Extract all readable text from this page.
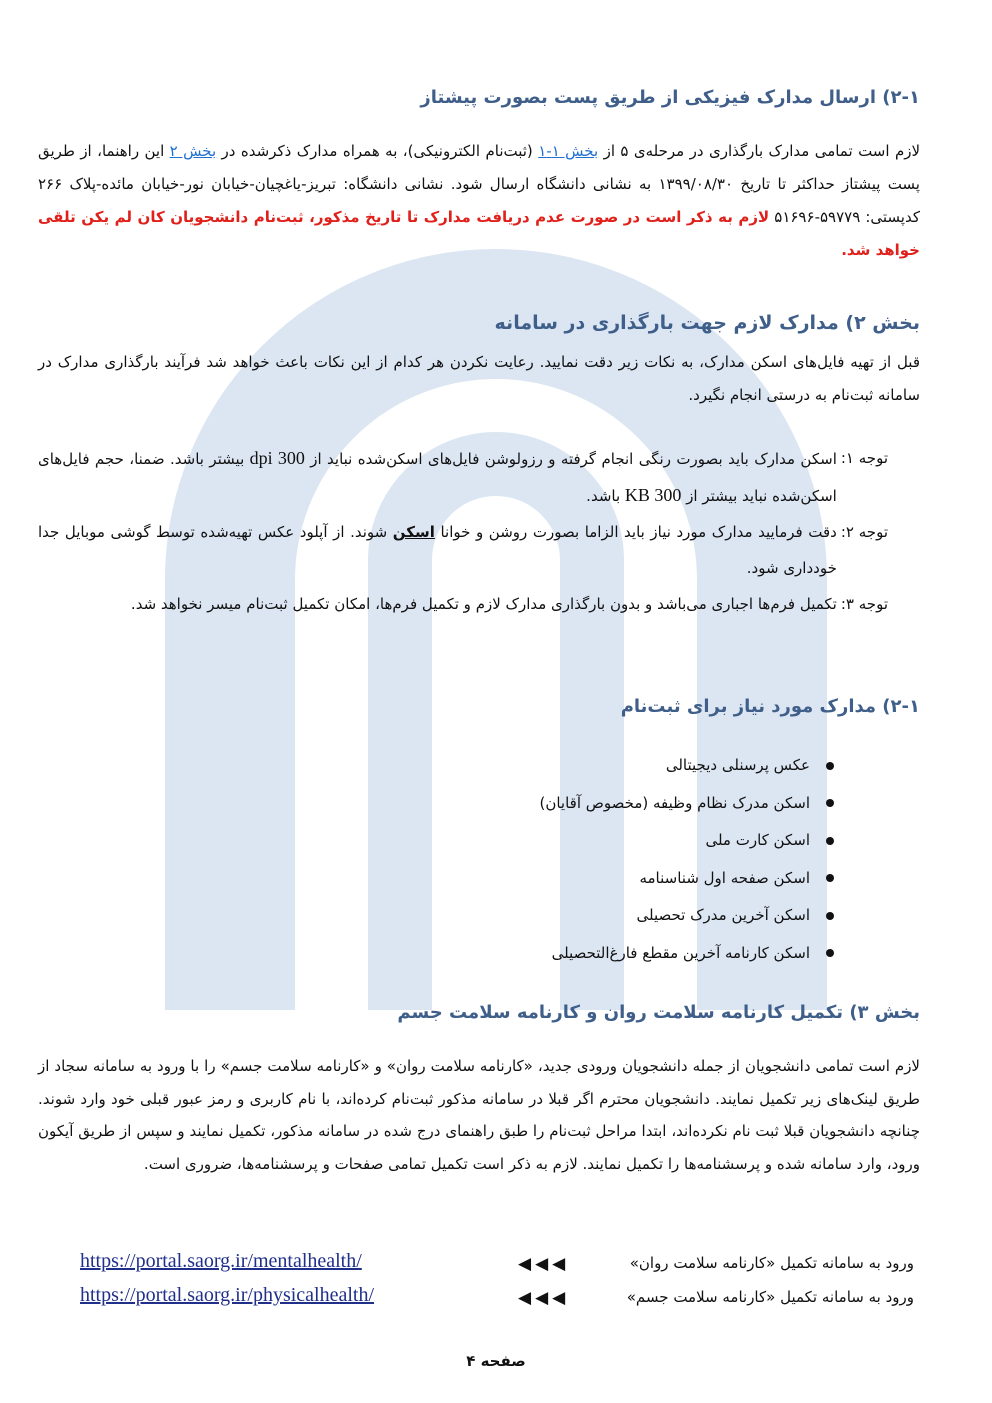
۲-۱) ارسال مدارک فیزیکی از طریق پست بصورت پیشتاز
لازم است تمامی مدارک بارگذاری در مرحله‌ی ۵ از بخش ۱-۱ (ثبت‌نام الکترونیکی)، به همراه مدارک ذکرشده در بخش ۲ این راهنما، از طریق پست پیشتاز حداکثر تا تاریخ ۱۳۹۹/۰۸/۳۰ به نشانی دانشگاه ارسال شود. نشانی دانشگاه: تبریز-یاغچیان-خیابان نور-خیابان مائده-پلاک ۲۶۶ کدپستی: ۵۹۷۷۹-۵۱۶۹۶ لازم به ذکر است در صورت عدم دریافت مدارک تا تاریخ مذکور، ثبت‌نام دانشجویان کان لم یکن تلقی خواهد شد.
بخش ۲) مدارک لازم جهت بارگذاری در سامانه
قبل از تهیه فایل‌های اسکن مدارک، به نکات زیر دقت نمایید. رعایت نکردن هر کدام از این نکات باعث خواهد شد فرآیند بارگذاری مدارک در سامانه ثبت‌نام به درستی انجام نگیرد.
توجه ۱:
اسکن مدارک باید بصورت رنگی انجام گرفته و رزولوشن فایل‌های اسکن‌شده نباید از 300 dpi بیشتر باشد. ضمنا، حجم فایل‌های اسکن‌شده نباید بیشتر از 300 KB باشد.
توجه ۲:
دقت فرمایید مدارک مورد نیاز باید الزاما بصورت روشن و خوانا اسکن شوند. از آپلود عکس تهیه‌شده توسط گوشی موبایل جدا خودداری شود.
توجه ۳:
تکمیل فرم‌ها اجباری می‌باشد و بدون بارگذاری مدارک لازم و تکمیل فرم‌ها، امکان تکمیل ثبت‌نام میسر نخواهد شد.
۲-۱) مدارک مورد نیاز برای ثبت‌نام
عکس پرسنلی دیجیتالی
اسکن مدرک نظام وظیفه (مخصوص آقایان)
اسکن کارت ملی
اسکن صفحه اول شناسنامه
اسکن آخرین مدرک تحصیلی
اسکن کارنامه آخرین مقطع فارغ‌التحصیلی
بخش ۳) تکمیل کارنامه سلامت روان و کارنامه سلامت جسم
لازم است تمامی دانشجویان از جمله دانشجویان ورودی جدید، «کارنامه سلامت روان» و «کارنامه سلامت جسم» را با ورود به سامانه سجاد از طریق لینک‌های زیر تکمیل نمایند. دانشجویان محترم اگر قبلا در سامانه مذکور ثبت‌نام کرده‌اند، با نام کاربری و رمز عبور قبلی خود وارد شوند. چنانچه دانشجویان قبلا ثبت نام نکرده‌اند، ابتدا مراحل ثبت‌نام را طبق راهنمای درج شده در سامانه مذکور، تکمیل نمایند و سپس از طریق آیکون ورود، وارد سامانه شده و پرسشنامه‌ها را تکمیل نمایند. لازم به ذکر است تکمیل تمامی صفحات و پرسشنامه‌ها، ضروری است.
ورود به سامانه تکمیل «کارنامه سلامت روان»
◀◀◀
https://portal.saorg.ir/mentalhealth/
ورود به سامانه تکمیل «کارنامه سلامت جسم»
◀◀◀
https://portal.saorg.ir/physicalhealth/
صفحه ۴
